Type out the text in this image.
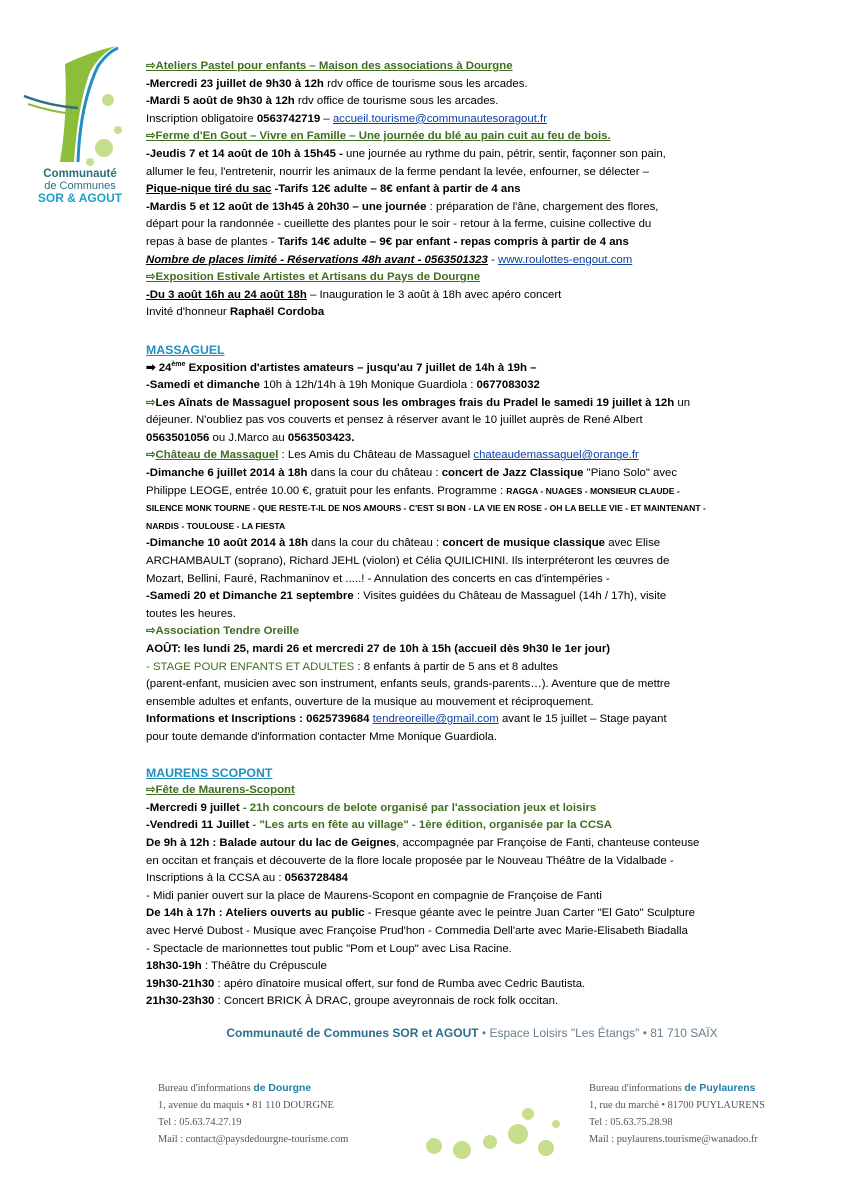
Communauté
de Communes
SOR & AGOUT
⇨Ateliers Pastel pour enfants – Maison des associations à Dourgne
-Mercredi 23 juillet de 9h30 à 12h rdv office de tourisme sous les arcades.
-Mardi 5 août de 9h30 à 12h rdv office de tourisme sous les arcades.
Inscription obligatoire 0563742719 – accueil.tourisme@communautesoragout.fr
⇨Ferme d'En Gout – Vivre en Famille – Une journée du blé au pain cuit au feu de bois.
-Jeudis 7 et 14 août de 10h à 15h45 - une journée au rythme du pain, pétrir, sentir, façonner son pain,
allumer le feu, l'entretenir, nourrir les animaux de la ferme pendant la levée, enfourner, se délecter –
Pique-nique tiré du sac -Tarifs 12€ adulte – 8€ enfant à partir de 4 ans
-Mardis 5 et 12 août de 13h45 à 20h30 – une journée : préparation de l'âne, chargement des flores,
départ pour la randonnée - cueillette des plantes pour le soir - retour à la ferme, cuisine collective du
repas à base de plantes - Tarifs 14€ adulte – 9€ par enfant - repas compris à partir de 4 ans
Nombre de places limité - Réservations 48h avant - 0563501323 - www.roulottes-engout.com
⇨Exposition Estivale Artistes et Artisans du Pays de Dourgne
-Du 3 août 16h au 24 août 18h – Inauguration le 3 août à 18h avec apéro concert
Invité d'honneur Raphaël Cordoba
MASSAGUEL
➡ 24ème Exposition d'artistes amateurs – jusqu'au 7 juillet de 14h à 19h –
-Samedi et dimanche 10h à 12h/14h à 19h Monique Guardiola : 0677083032
⇨Les Aînats de Massaguel proposent sous les ombrages frais du Pradel le samedi 19 juillet à 12h un
déjeuner. N'oubliez pas vos couverts et pensez à réserver avant le 10 juillet auprès de René Albert
0563501056 ou J.Marco au 0563503423.
⇨Château de Massaguel : Les Amis du Château de Massaguel chateaudemassaguel@orange.fr
-Dimanche 6 juillet 2014 à 18h dans la cour du château : concert de Jazz Classique "Piano Solo" avec
Philippe LEOGE, entrée 10.00 €, gratuit pour les enfants. Programme : RAGGA - NUAGES - MONSIEUR CLAUDE -
SILENCE MONK TOURNE - QUE RESTE-T-IL DE NOS AMOURS - C'EST SI BON - LA VIE EN ROSE - OH LA BELLE VIE - ET MAINTENANT -
NARDIS - TOULOUSE - LA FIESTA
-Dimanche 10 août 2014 à 18h dans la cour du château : concert de musique classique avec Elise
ARCHAMBAULT (soprano), Richard JEHL (violon) et Célia QUILICHINI. Ils interpréteront les œuvres de
Mozart, Bellini, Fauré, Rachmaninov et .....! - Annulation des concerts en cas d'intempéries -
-Samedi 20 et Dimanche 21 septembre : Visites guidées du Château de Massaguel (14h / 17h), visite
toutes les heures.
⇨Association Tendre Oreille
AOÛT: les lundi 25, mardi 26 et mercredi 27 de 10h à 15h (accueil dès 9h30 le 1er jour)
- STAGE POUR ENFANTS ET ADULTES : 8 enfants à partir de 5 ans et 8 adultes
(parent-enfant, musicien avec son instrument, enfants seuls, grands-parents…). Aventure que de mettre
ensemble adultes et enfants, ouverture de la musique au mouvement et réciproquement.
Informations et Inscriptions : 0625739684 tendreoreille@gmail.com avant le 15 juillet – Stage payant
pour toute demande d'information contacter Mme Monique Guardiola.
MAURENS SCOPONT
⇨Fête de Maurens-Scopont
-Mercredi 9 juillet - 21h concours de belote organisé par l'association jeux et loisirs
-Vendredi 11 Juillet - "Les arts en fête au village" - 1ère édition, organisée par la CCSA
De 9h à 12h : Balade autour du lac de Geignes, accompagnée par Françoise de Fanti, chanteuse conteuse
en occitan et français et découverte de la flore locale proposée par le Nouveau Théâtre de la Vidalbade -
Inscriptions à la CCSA au : 0563728484
- Midi panier ouvert sur la place de Maurens-Scopont en compagnie de Françoise de Fanti
De 14h à 17h : Ateliers ouverts au public - Fresque géante avec le peintre Juan Carter "El Gato" Sculpture
avec Hervé Dubost - Musique avec Françoise Prud'hon - Commedia Dell'arte avec Marie-Elisabeth Biadalla
- Spectacle de marionnettes tout public "Pom et Loup" avec Lisa Racine.
18h30-19h : Théâtre du Crépuscule
19h30-21h30 : apéro dînatoire musical offert, sur fond de Rumba avec Cedric Bautista.
21h30-23h30 : Concert BRICK À DRAC, groupe aveyronnais de rock folk occitan.
Communauté de Communes SOR et AGOUT • Espace Loisirs "Les Étangs" • 81 710 SAÏX
Bureau d'informations de Dourgne
1, avenue du maquis • 81 110 DOURGNE
Tel : 05.63.74.27.19
Mail : contact@paysdedourgne-tourisme.com
Bureau d'informations de Puylaurens
1, rue du marché • 81700 PUYLAURENS
Tel : 05.63.75.28.98
Mail : puylaurens.tourisme@wanadoo.fr
